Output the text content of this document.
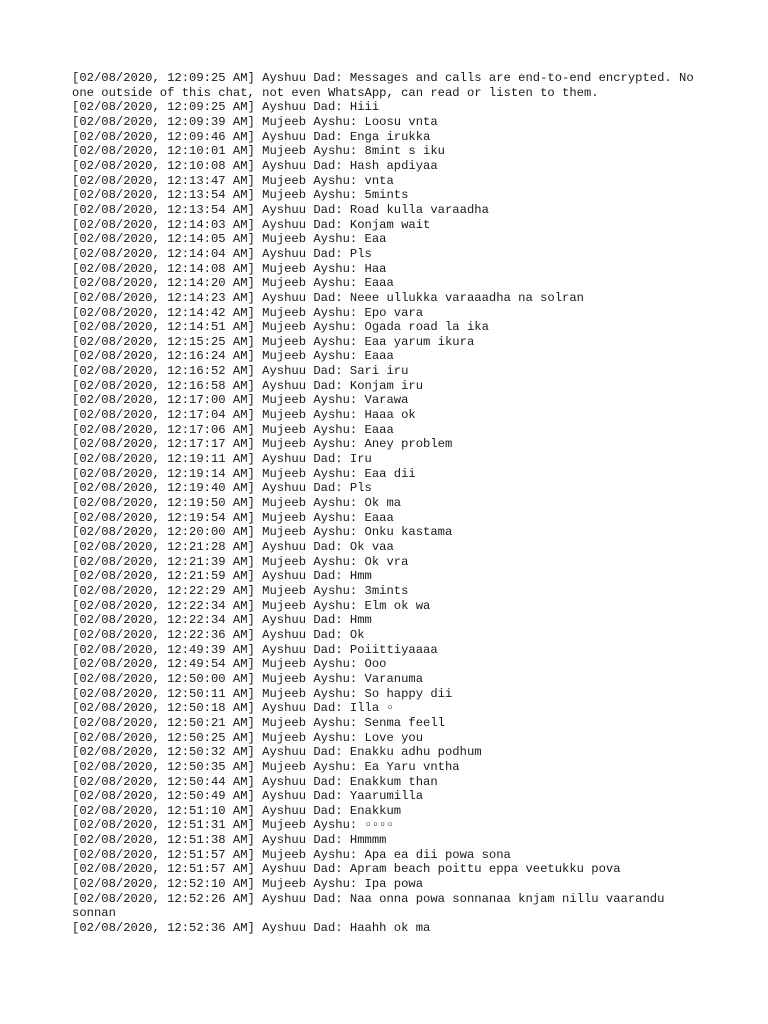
[02/08/2020, 12:09:25 AM] Ayshuu Dad: Messages and calls are end-to-end encrypted. No one outside of this chat, not even WhatsApp, can read or listen to them.
[02/08/2020, 12:09:25 AM] Ayshuu Dad: Hiii
[02/08/2020, 12:09:39 AM] Mujeeb Ayshu: Loosu vnta
[02/08/2020, 12:09:46 AM] Ayshuu Dad: Enga irukka
[02/08/2020, 12:10:01 AM] Mujeeb Ayshu: 8mint s iku
[02/08/2020, 12:10:08 AM] Ayshuu Dad: Hash apdiyaa
[02/08/2020, 12:13:47 AM] Mujeeb Ayshu: vnta
[02/08/2020, 12:13:54 AM] Mujeeb Ayshu: 5mints
[02/08/2020, 12:13:54 AM] Ayshuu Dad: Road kulla varaadha
[02/08/2020, 12:14:03 AM] Ayshuu Dad: Konjam wait
[02/08/2020, 12:14:05 AM] Mujeeb Ayshu: Eaa
[02/08/2020, 12:14:04 AM] Ayshuu Dad: Pls
[02/08/2020, 12:14:08 AM] Mujeeb Ayshu: Haa
[02/08/2020, 12:14:20 AM] Mujeeb Ayshu: Eaaa
[02/08/2020, 12:14:23 AM] Ayshuu Dad: Neee ullukka varaaadha na solran
[02/08/2020, 12:14:42 AM] Mujeeb Ayshu: Epo vara
[02/08/2020, 12:14:51 AM] Mujeeb Ayshu: Ogada road la ika
[02/08/2020, 12:15:25 AM] Mujeeb Ayshu: Eaa yarum ikura
[02/08/2020, 12:16:24 AM] Mujeeb Ayshu: Eaaa
[02/08/2020, 12:16:52 AM] Ayshuu Dad: Sari iru
[02/08/2020, 12:16:58 AM] Ayshuu Dad: Konjam iru
[02/08/2020, 12:17:00 AM] Mujeeb Ayshu: Varawa
[02/08/2020, 12:17:04 AM] Mujeeb Ayshu: Haaa ok
[02/08/2020, 12:17:06 AM] Mujeeb Ayshu: Eaaa
[02/08/2020, 12:17:17 AM] Mujeeb Ayshu: Aney problem
[02/08/2020, 12:19:11 AM] Ayshuu Dad: Iru
[02/08/2020, 12:19:14 AM] Mujeeb Ayshu: Eaa dii
[02/08/2020, 12:19:40 AM] Ayshuu Dad: Pls
[02/08/2020, 12:19:50 AM] Mujeeb Ayshu: Ok ma
[02/08/2020, 12:19:54 AM] Mujeeb Ayshu: Eaaa
[02/08/2020, 12:20:00 AM] Mujeeb Ayshu: Onku kastama
[02/08/2020, 12:21:28 AM] Ayshuu Dad: Ok vaa
[02/08/2020, 12:21:39 AM] Mujeeb Ayshu: Ok vra
[02/08/2020, 12:21:59 AM] Ayshuu Dad: Hmm
[02/08/2020, 12:22:29 AM] Mujeeb Ayshu: 3mints
[02/08/2020, 12:22:34 AM] Mujeeb Ayshu: Elm ok wa
[02/08/2020, 12:22:34 AM] Ayshuu Dad: Hmm
[02/08/2020, 12:22:36 AM] Ayshuu Dad: Ok
[02/08/2020, 12:49:39 AM] Ayshuu Dad: Poiittiyaaaa
[02/08/2020, 12:49:54 AM] Mujeeb Ayshu: Ooo
[02/08/2020, 12:50:00 AM] Mujeeb Ayshu: Varanuma
[02/08/2020, 12:50:11 AM] Mujeeb Ayshu: So happy dii
[02/08/2020, 12:50:18 AM] Ayshuu Dad: Illa ▫
[02/08/2020, 12:50:21 AM] Mujeeb Ayshu: Senma feell
[02/08/2020, 12:50:25 AM] Mujeeb Ayshu: Love you
[02/08/2020, 12:50:32 AM] Ayshuu Dad: Enakku adhu podhum
[02/08/2020, 12:50:35 AM] Mujeeb Ayshu: Ea Yaru vntha
[02/08/2020, 12:50:44 AM] Ayshuu Dad: Enakkum than
[02/08/2020, 12:50:49 AM] Ayshuu Dad: Yaarumilla
[02/08/2020, 12:51:10 AM] Ayshuu Dad: Enakkum
[02/08/2020, 12:51:31 AM] Mujeeb Ayshu: ▫▫▫▫
[02/08/2020, 12:51:38 AM] Ayshuu Dad: Hmmmm
[02/08/2020, 12:51:57 AM] Mujeeb Ayshu: Apa ea dii powa sona
[02/08/2020, 12:51:57 AM] Ayshuu Dad: Apram beach poittu eppa veetukku pova
[02/08/2020, 12:52:10 AM] Mujeeb Ayshu: Ipa powa
[02/08/2020, 12:52:26 AM] Ayshuu Dad: Naa onna powa sonnanaa knjam nillu vaarandu sonnan
[02/08/2020, 12:52:36 AM] Ayshuu Dad: Haahh ok ma
